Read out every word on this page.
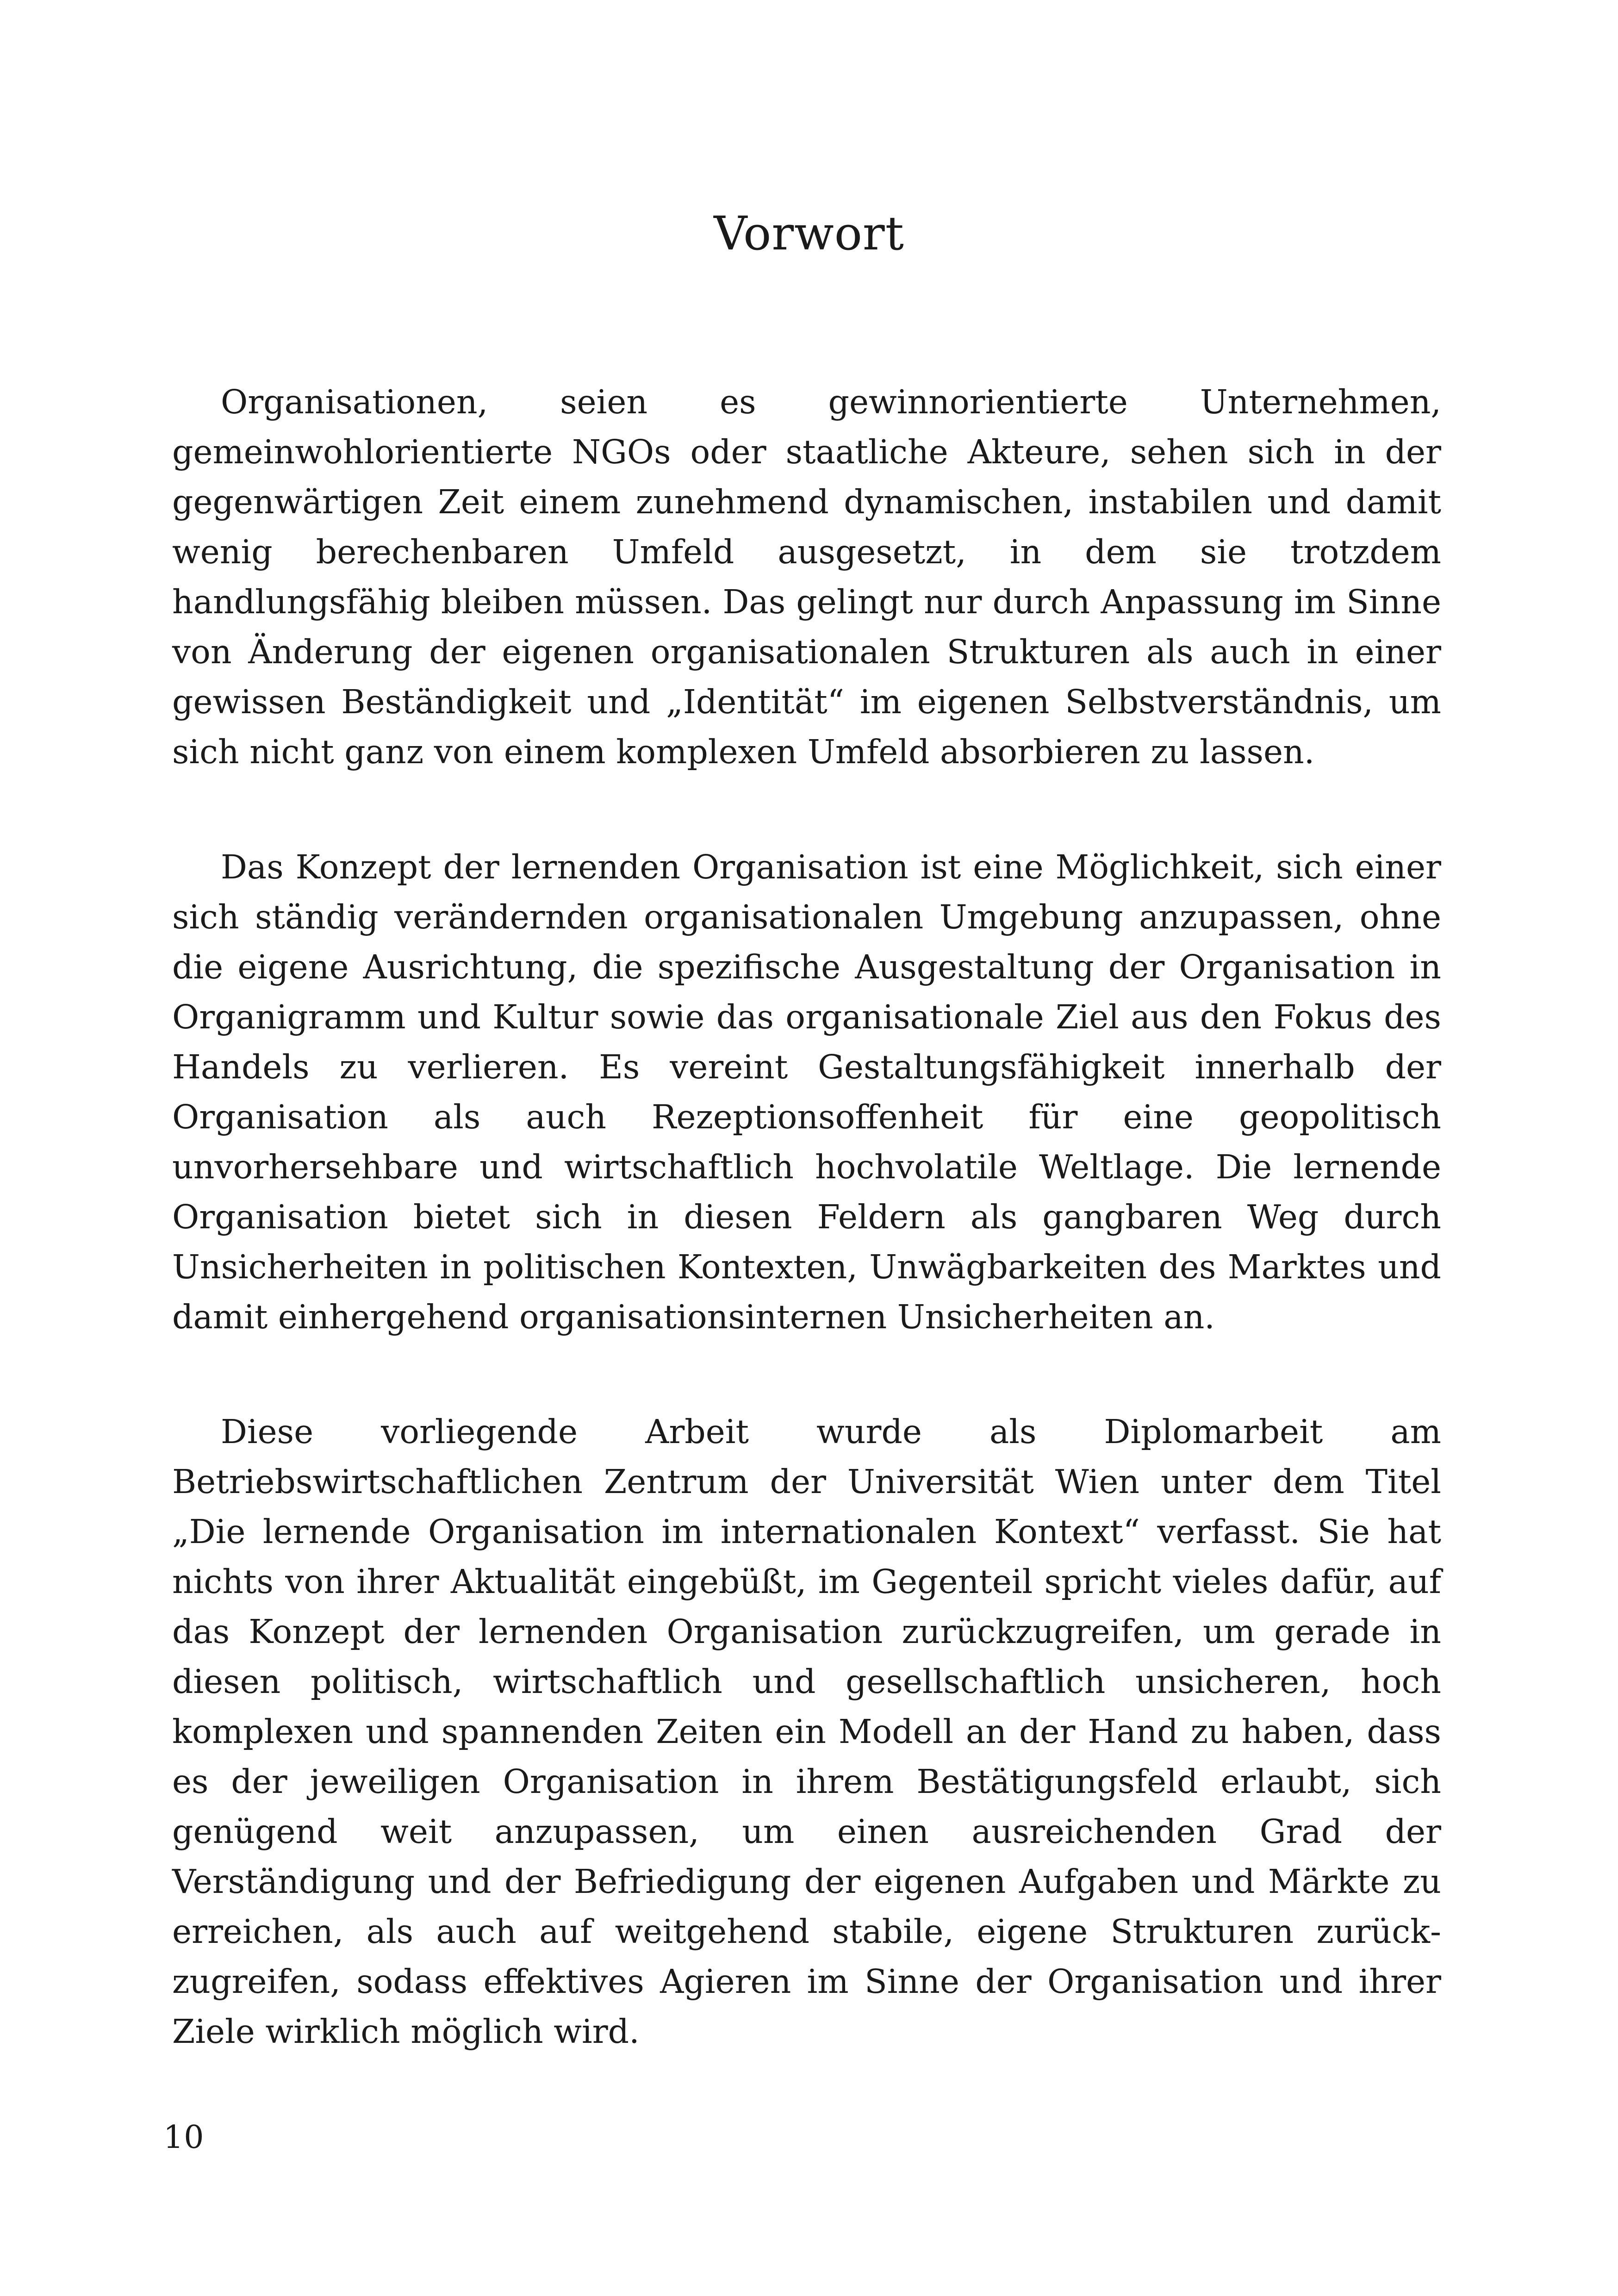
Vorwort

Organisationen, seien es gewinnorientierte Unternehmen, gemeinwohlorientierte NGOs oder staatliche Akteure, sehen sich in der gegenwärtigen Zeit einem zunehmend dynamischen, instabilen und damit wenig berechenbaren Umfeld ausgesetzt, in dem sie trotzdem handlungsfähig bleiben müssen. Das gelingt nur durch Anpassung im Sinne von Änderung der eigenen organisationalen Strukturen als auch in einer gewissen Beständigkeit und „Identität“ im eigenen Selbstverständnis, um sich nicht ganz von einem komplexen Umfeld absorbieren zu lassen.

Das Konzept der lernenden Organisation ist eine Möglichkeit, sich einer sich ständig verändernden organisationalen Umgebung anzupassen, ohne die eigene Ausrichtung, die spezifische Ausgestaltung der Organisation in Organigramm und Kultur sowie das organisationale Ziel aus den Fokus des Handels zu verlieren. Es vereint Gestaltungsfähigkeit innerhalb der Organisation als auch Rezeptionsoffenheit für eine geopolitisch unvorhersehbare und wirtschaftlich hochvolatile Weltlage. Die lernende Organisation bietet sich in diesen Feldern als gangbaren Weg durch Unsicherheiten in politischen Kontexten, Unwägbarkeiten des Marktes und damit einhergehend organisationsinternen Unsicherheiten an.

Diese vorliegende Arbeit wurde als Diplomarbeit am Betriebswirtschaftlichen Zentrum der Universität Wien unter dem Titel „Die lernende Organisation im internationalen Kontext“ verfasst. Sie hat nichts von ihrer Aktualität eingebüßt, im Gegenteil spricht vieles dafür, auf das Konzept der lernenden Organisation zurückzugreifen, um gerade in diesen politisch, wirtschaftlich und gesellschaftlich unsicheren, hoch komplexen und spannenden Zeiten ein Modell an der Hand zu haben, dass es der jeweiligen Organisation in ihrem Bestätigungsfeld erlaubt, sich genügend weit anzupassen, um einen ausreichenden Grad der Verständigung und der Befriedigung der eigenen Aufgaben und Märkte zu erreichen, als auch auf weitgehend stabile, eigene Strukturen zurückzugreifen, sodass effektives Agieren im Sinne der Organisation und ihrer Ziele wirklich möglich wird.

10
